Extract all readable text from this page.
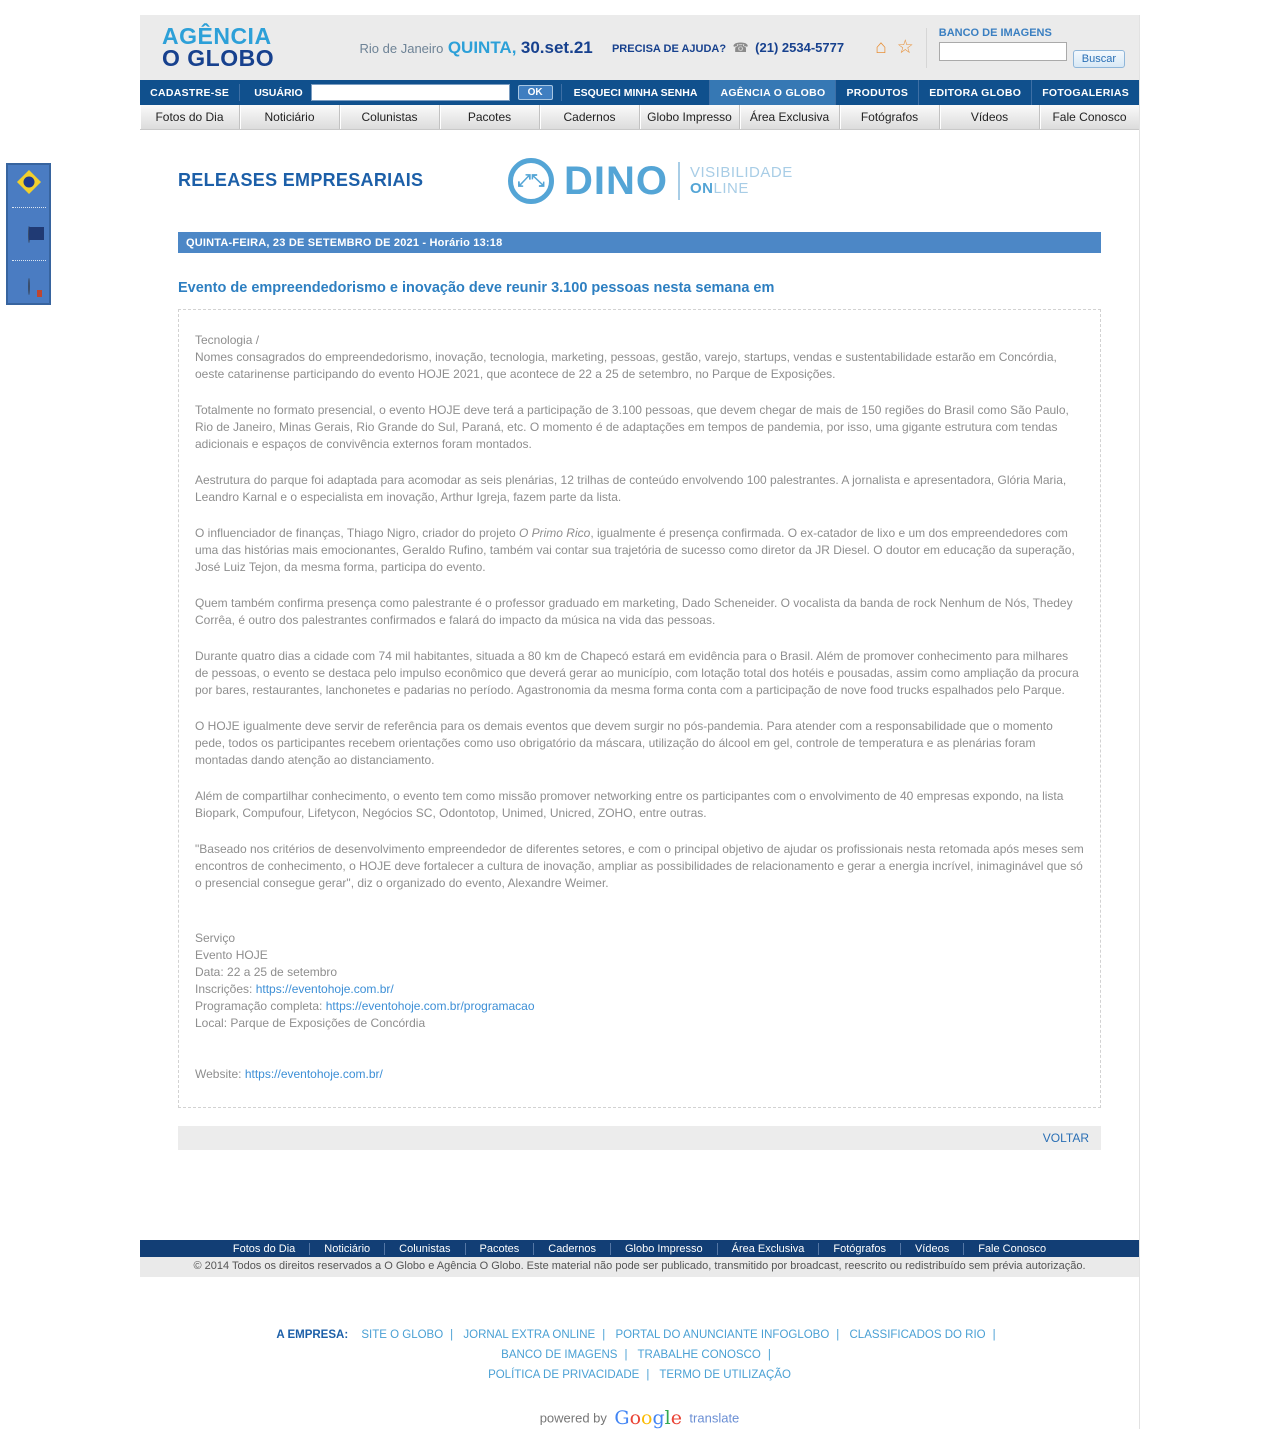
AGÊNCIA
O GLOBO	Rio de Janeiro QUINTA, 30.set.21	PRECISA DE AJUDA? ☎ (21) 2534-5777 ⌂ ☆
BANCO DE IMAGENS
Buscar
CADASTRE-SE	USUÁRIO	OK	ESQUECI MINHA SENHA	AGÊNCIA O GLOBO	PRODUTOS	EDITORA GLOBO	FOTOGALERIAS
Fotos do Dia	Noticiário	Colunistas	Pacotes	Cadernos	Globo Impresso	Área Exclusiva	Fotógrafos	Vídeos	Fale Conosco
RELEASES EMPRESARIAIS	⤢⤡ DINO VISIBILIDADE
ONLINE
QUINTA-FEIRA, 23 DE SETEMBRO DE 2021 - Horário 13:18
Evento de empreendedorismo e inovação deve reunir 3.100 pessoas nesta semana em

Tecnologia /

Nomes consagrados do empreendedorismo, inovação, tecnologia, marketing, pessoas, gestão, varejo, startups, vendas e sustentabilidade estarão em Concórdia, oeste catarinense participando do evento HOJE 2021, que acontece de 22 a 25 de setembro, no Parque de Exposições.

Totalmente no formato presencial, o evento HOJE deve terá a participação de 3.100 pessoas, que devem chegar de mais de 150 regiões do Brasil como São Paulo, Rio de Janeiro, Minas Gerais, Rio Grande do Sul, Paraná, etc. O momento é de adaptações em tempos de pandemia, por isso, uma gigante estrutura com tendas adicionais e espaços de convivência externos foram montados.

Aestrutura do parque foi adaptada para acomodar as seis plenárias, 12 trilhas de conteúdo envolvendo 100 palestrantes. A jornalista e apresentadora, Glória Maria, Leandro Karnal e o especialista em inovação, Arthur Igreja, fazem parte da lista.

O influenciador de finanças, Thiago Nigro, criador do projeto O Primo Rico, igualmente é presença confirmada. O ex-catador de lixo e um dos empreendedores com uma das histórias mais emocionantes, Geraldo Rufino, também vai contar sua trajetória de sucesso como diretor da JR Diesel. O doutor em educação da superação, José Luiz Tejon, da mesma forma, participa do evento.

Quem também confirma presença como palestrante é o professor graduado em marketing, Dado Scheneider. O vocalista da banda de rock Nenhum de Nós, Thedey Corrêa, é outro dos palestrantes confirmados e falará do impacto da música na vida das pessoas.

Durante quatro dias a cidade com 74 mil habitantes, situada a 80 km de Chapecó estará em evidência para o Brasil. Além de promover conhecimento para milhares de pessoas, o evento se destaca pelo impulso econômico que deverá gerar ao município, com lotação total dos hotéis e pousadas, assim como ampliação da procura por bares, restaurantes, lanchonetes e padarias no período. Agastronomia da mesma forma conta com a participação de nove food trucks espalhados pelo Parque.

O HOJE igualmente deve servir de referência para os demais eventos que devem surgir no pós-pandemia. Para atender com a responsabilidade que o momento pede, todos os participantes recebem orientações como uso obrigatório da máscara, utilização do álcool em gel, controle de temperatura e as plenárias foram montadas dando atenção ao distanciamento.

Além de compartilhar conhecimento, o evento tem como missão promover networking entre os participantes com o envolvimento de 40 empresas expondo, na lista Biopark, Compufour, Lifetycon, Negócios SC, Odontotop, Unimed, Unicred, ZOHO, entre outras.

"Baseado nos critérios de desenvolvimento empreendedor de diferentes setores, e com o principal objetivo de ajudar os profissionais nesta retomada após meses sem encontros de conhecimento, o HOJE deve fortalecer a cultura de inovação, ampliar as possibilidades de relacionamento e gerar a energia incrível, inimaginável que só o presencial consegue gerar", diz o organizado do evento, Alexandre Weimer.

Serviço
Evento HOJE
Data: 22 a 25 de setembro
Inscrições: https://eventohoje.com.br/
Programação completa: https://eventohoje.com.br/programacao
Local: Parque de Exposições de Concórdia
Website: https://eventohoje.com.br/
VOLTAR
Fotos do Dia	Noticiário	Colunistas	Pacotes	Cadernos	Globo Impresso	Área Exclusiva	Fotógrafos	Vídeos	Fale Conosco
© 2014 Todos os direitos reservados a O Globo e Agência O Globo. Este material não pode ser publicado, transmitido por broadcast, reescrito ou redistribuído sem prévia autorização.
A EMPRESA: SITE O GLOBO | JORNAL EXTRA ONLINE | PORTAL DO ANUNCIANTE INFOGLOBO | CLASSIFICADOS DO RIO |
BANCO DE IMAGENS | TRABALHE CONOSCO |
POLÍTICA DE PRIVACIDADE | TERMO DE UTILIZAÇÃO
powered by Google translate
